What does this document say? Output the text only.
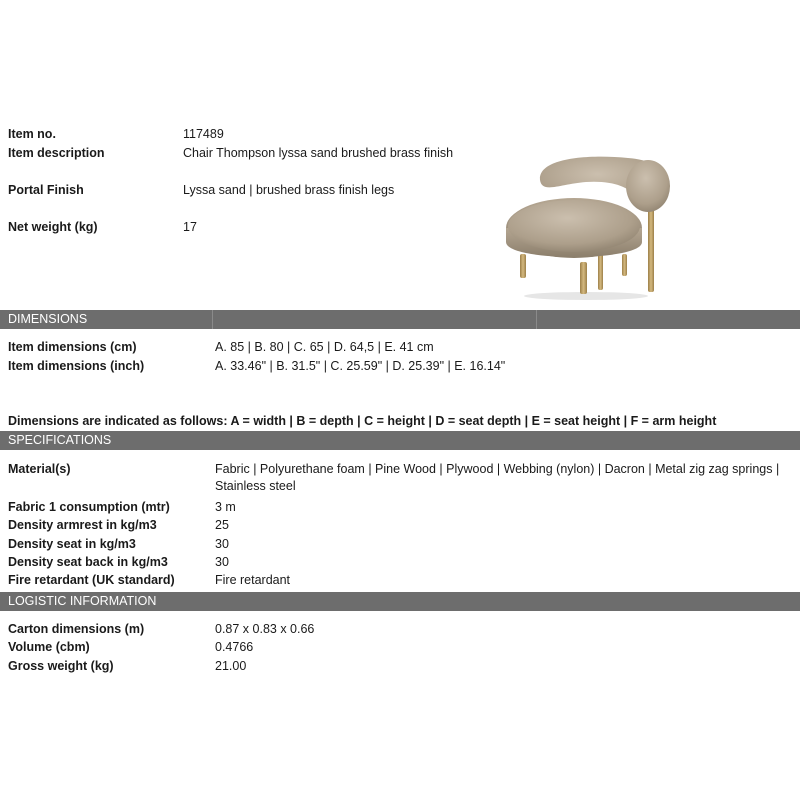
Item no.	117489
Item description	Chair Thompson lyssa sand brushed brass finish
Portal Finish	Lyssa sand | brushed brass finish legs
Net weight (kg)	17
DIMENSIONS
Item dimensions (cm)	A. 85 | B. 80 | C. 65 | D. 64,5 | E. 41 cm
Item dimensions (inch)	A. 33.46" | B. 31.5" | C. 25.59" | D. 25.39" | E. 16.14"
Dimensions are indicated as follows: A = width | B = depth | C = height | D = seat depth | E = seat height | F = arm height
SPECIFICATIONS
Material(s)	Fabric | Polyurethane foam | Pine Wood | Plywood | Webbing (nylon) | Dacron | Metal zig zag springs |
Stainless steel
Fabric 1 consumption (mtr)	3 m
Density armrest in kg/m3	25
Density seat in kg/m3	30
Density seat back in kg/m3	30
Fire retardant (UK standard)	Fire retardant
LOGISTIC INFORMATION
Carton dimensions (m)	0.87 x 0.83 x 0.66
Volume (cbm)	0.4766
Gross weight (kg)	21.00
